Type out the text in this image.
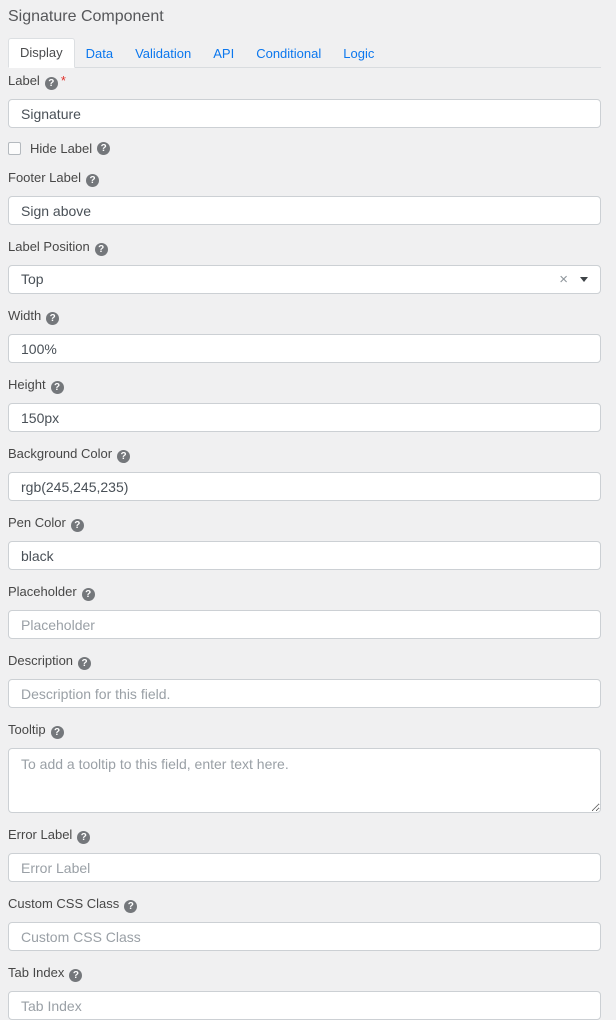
Signature Component
Display	Data	Validation	API	Conditional	Logic
Label ? *
Signature
Hide Label ?
Footer Label ?
Sign above
Label Position ?
Top	×
Width ?
100%
Height ?
150px
Background Color ?
rgb(245,245,235)
Pen Color ?
black
Placeholder ?
Placeholder
Description ?
Description for this field.
Tooltip ?
To add a tooltip to this field, enter text here.
Error Label ?
Error Label
Custom CSS Class ?
Custom CSS Class
Tab Index ?
Tab Index
